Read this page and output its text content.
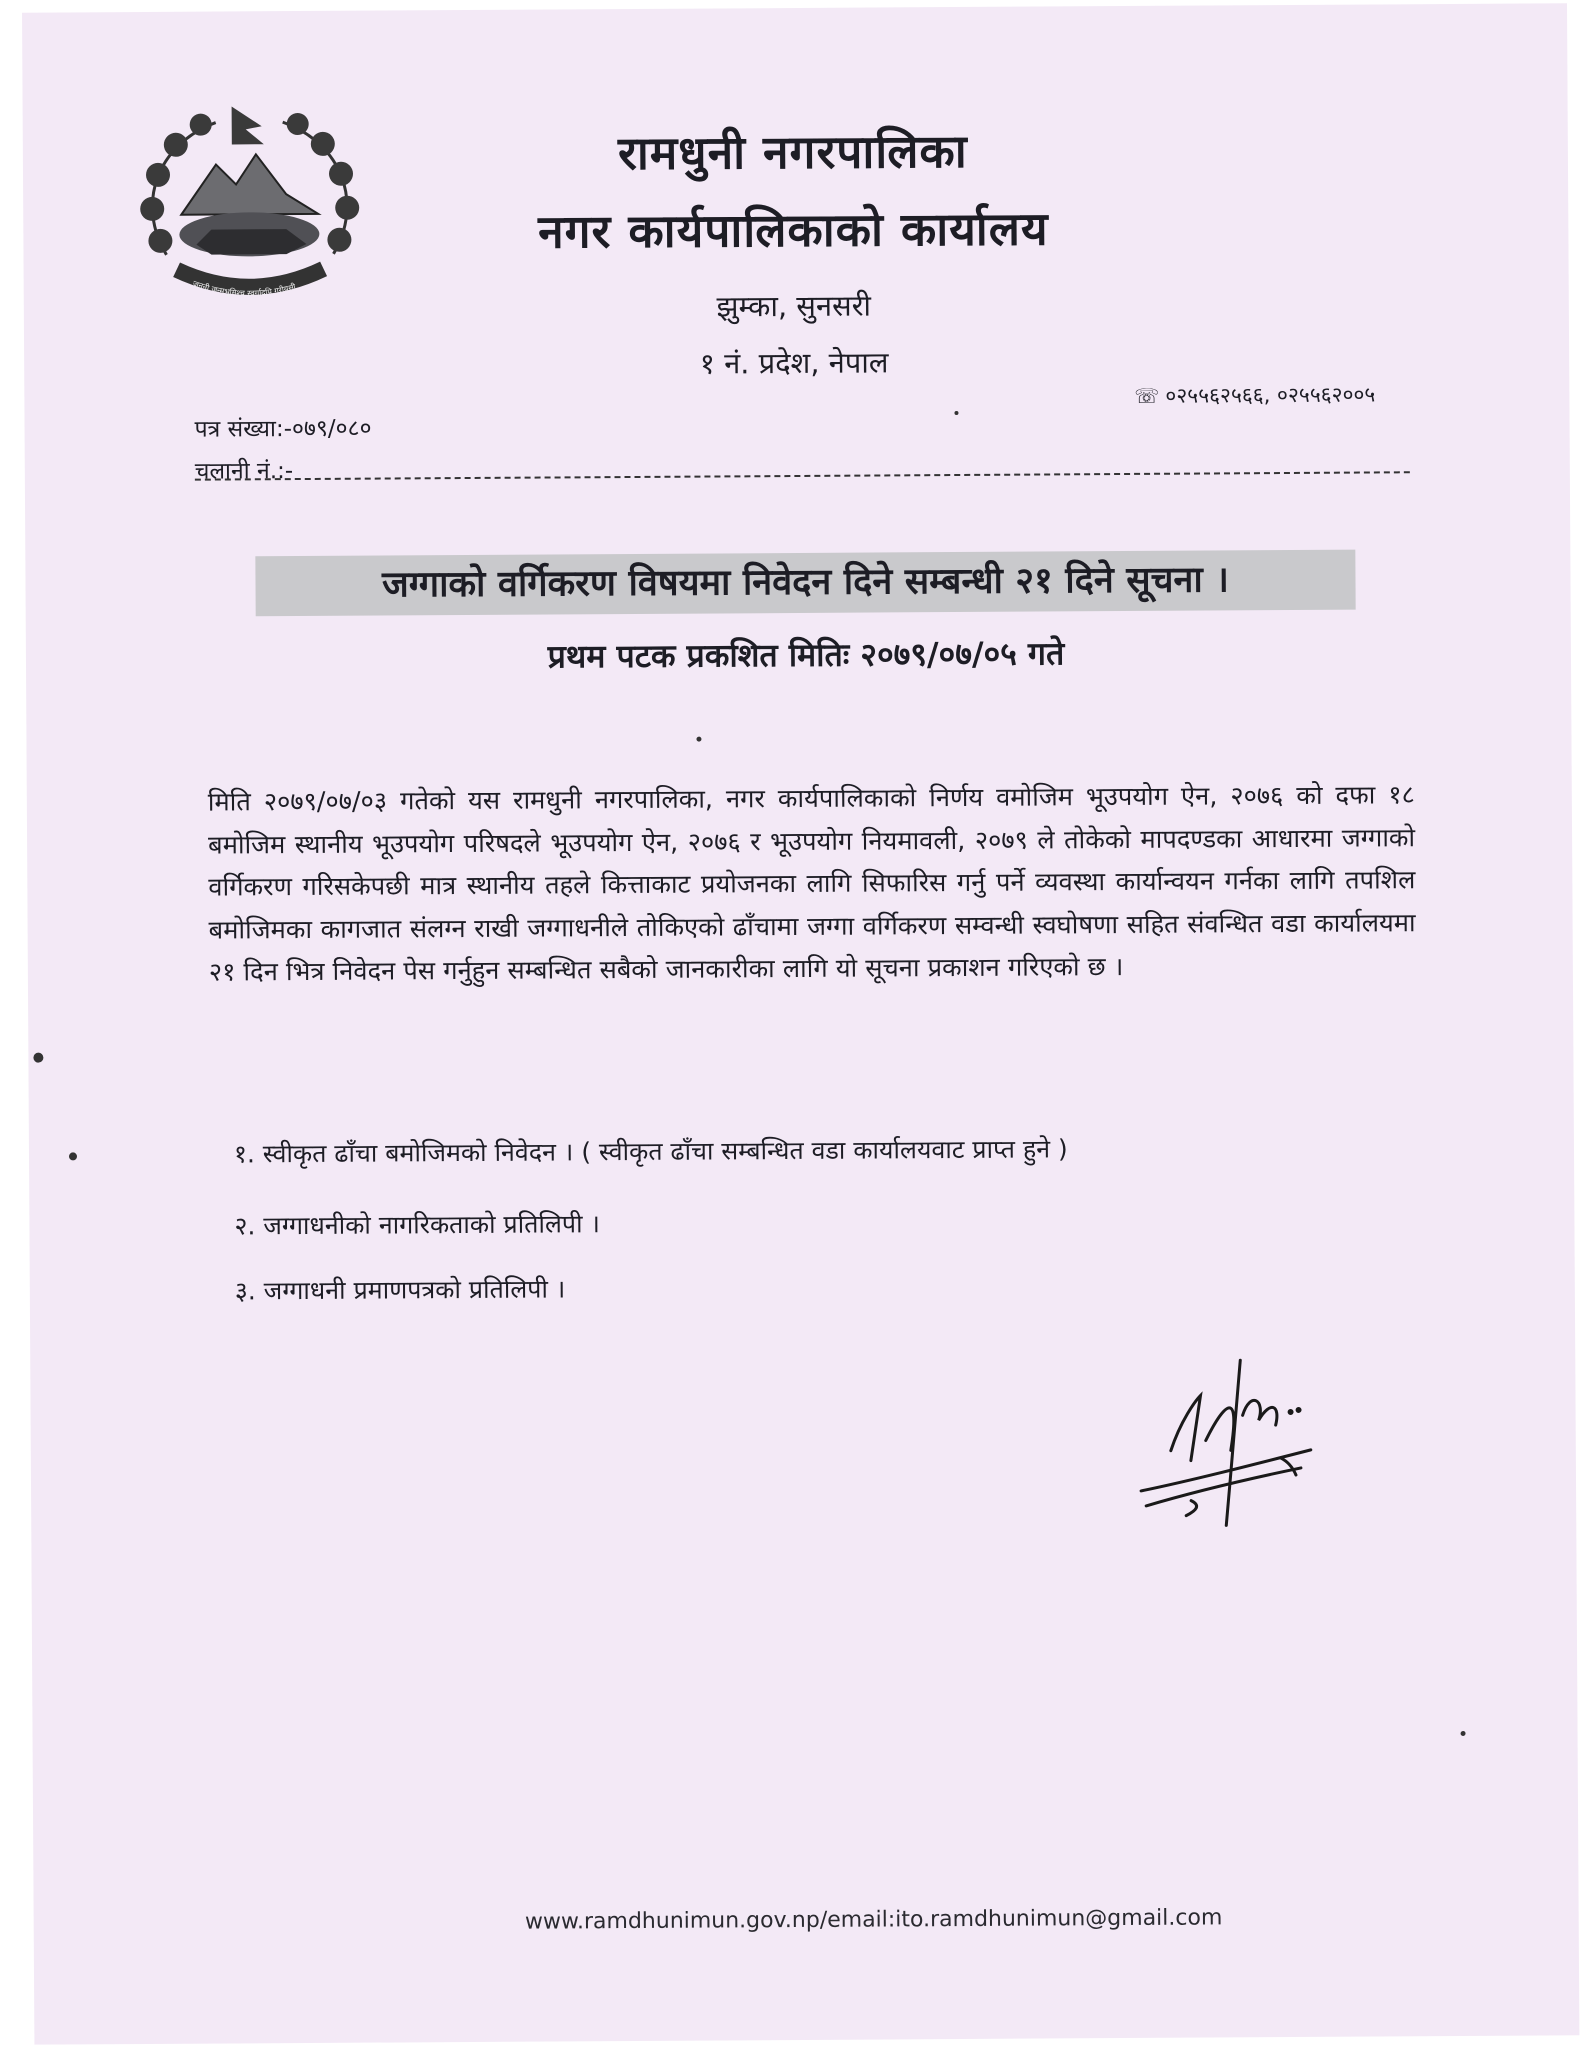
जननी जन्मभूमिश्च स्वर्गादपि गरीयसी
रामधुनी नगरपालिका
नगर कार्यपालिकाको कार्यालय
झुम्का, सुनसरी
१ नं. प्रदेश, नेपाल
☏ ०२५५६२५६६, ०२५५६२००५
पत्र संख्या:-०७९/०८०
चलानी नं.:-
जग्गाको वर्गिकरण विषयमा निवेदन दिने सम्बन्धी २१ दिने सूचना ।
प्रथम पटक प्रकशित मितिः २०७९/०७/०५ गते
मिति २०७९/०७/०३ गतेको यस रामधुनी नगरपालिका, नगर कार्यपालिकाको निर्णय वमोजिम भूउपयोग ऐन, २०७६ को दफा १८ बमोजिम स्थानीय भूउपयोग परिषदले भूउपयोग ऐन, २०७६ र भूउपयोग नियमावली, २०७९ ले तोकेको मापदण्डका आधारमा जग्गाको वर्गिकरण गरिसकेपछी मात्र स्थानीय तहले कित्ताकाट प्रयोजनका लागि सिफारिस गर्नु पर्ने व्यवस्था कार्यान्वयन गर्नका लागि तपशिल बमोजिमका कागजात संलग्न राखी जग्गाधनीले तोकिएको ढाँचामा जग्गा वर्गिकरण सम्वन्धी स्वघोषणा सहित संवन्धित वडा कार्यालयमा २१ दिन भित्र निवेदन पेस गर्नुहुन सम्बन्धित सबैको जानकारीका लागि यो सूचना प्रकाशन गरिएको छ ।
१. स्वीकृत ढाँचा बमोजिमको निवेदन । ( स्वीकृत ढाँचा सम्बन्धित वडा कार्यालयवाट प्राप्त हुने )
२. जग्गाधनीको नागरिकताको प्रतिलिपी ।
३. जग्गाधनी प्रमाणपत्रको प्रतिलिपी ।
www.ramdhunimun.gov.np/email:ito.ramdhunimun@gmail.com
